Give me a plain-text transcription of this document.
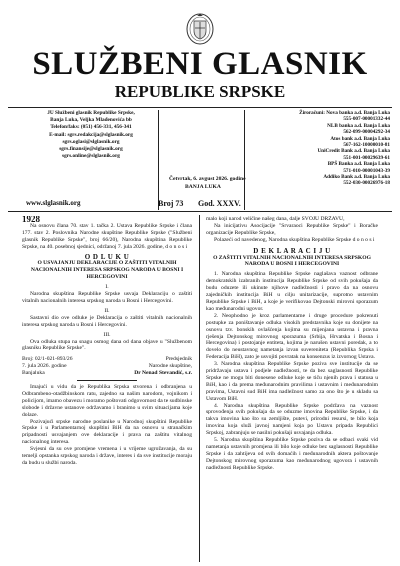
SLUŽBENI GLASNIK
REPUBLIKE SRPSKE
JU Službeni glasnik Republike Srpske,
Banja Luka, Veljka Mlađenovića bb
Telefon/faks: (051) 456-331, 456-341
E-mail: sgrs.redakcija@slglasnik.org
sgrs.oglasi@slglasnik.org
sgrs.finansije@slglasnik.org
sgrs.online@slglasnik.org
www.slglasnik.org
Četvrtak, 6. avgust 2026. godine
BANJA LUKA
Broj 73 God. XXXV.
Žiroračuni: Nova banka a.d. Banja Luka
555-007-00001332-44
NLB banka a.d. Banja Luka
562-099-00004292-34
Atos bank a.d. Banja Luka
567-162-10000010-81
UniCredit Bank a.d. Banja Luka
551-001-00029639-61
BPŠ Banka a.d. Banja Luka
571-010-00001043-39
Addiko Bank a.d. Banja Luka
552-030-00026976-18

1928

Na osnovu člana 70. stav 1. tačka 2. Ustava Republike Srpske i člana 177. stav 2. Poslovnika Narodne skupštine Republike Srpske ("Službeni glasnik Republike Srpske", broj 66/20), Narodna skupština Republike Srpske, na 40. posebnoj sjednici, održanoj 7. jula 2026. godine, d o n o s i

O D L U K U

O USVAJANJU DEKLARACIJE O ZAŠTITI VITALNIH NACIONALNIH INTERESA SRPSKOG NARODA U BOSNI I HERCEGOVINI

I.

Narodna skupština Republike Srpske usvaja Deklaraciju o zaštiti vitalnih nacionalnih interesa srpskog naroda u Bosni i Hercegovini.

II.

Sastavni dio ove odluke je Deklaracija o zaštiti vitalnih nacionalnih interesa srpskog naroda u Bosni i Hercegovini.

III.

Ova odluka stupa na snagu osmog dana od dana objave u "Službenom glasniku Republike Srpske".

Broj: 02/1-021-893/26	Predsjednik

7. jula 2026. godine	Narodne skupštine,

Banjaluka	Dr Nenad Stevandić, s.r.

Imajući u vidu da je Republika Srpska stvorena i odbranjena u Odbrambeno-otadžbinskom ratu, zajedno sa našim narodom, vojnikom i policijom, imamo obavezu i moramo poštovati odgovornost da te sudbinske slobode i državne ustanove održavamo i branimo u svim situacijama koje dolaze.

Pozivajući srpske narodne poslanike u Narodnoj skupštini Republike Srpske i u Parlamentarnoj skupštini BiH da na osnovu u stranačkim pripadnosti usvajanjem ove deklaracije i prava na zaštitu vitalnog nacionalnog interesa.

Svjesni da su ove promjene vremena i u vrijeme ugrožavanja, da su temelji opstanka srpskog naroda i države, interes i da sve institucije moraju da budu u službi naroda.

malo koji narod veličine našeg dana, dalje SVOJU DRŽAVU,

Na inicijativu Asocijacije "Srvaraoci Republike Srpske" i Boračke organizacije Republike Srpske,

Polazeći od navedenog, Narodna skupština Republike Srpske d o n o s i

D E K L A R A C I J U

O ZAŠTITI VITALNIH NACIONALNIH INTERESA SRPSKOG NARODA U BOSNI I HERCEGOVINI

1. Narodna skupština Republike Srpske naglašava vaznost odbrane demokratskih izabranih institucija Republike Srpske od svih pokušaja da budu oduzete ili ukinute njihove nadležnosti i pravo da na osnovu zajedničkih institucija BiH u cilju unitarizacije, suprotno ustavnim Republike Srpske i BiH, a koje je verifikovao Dejtonski mirovni sporazum kao međunarodni ugovor.

2. Neophodno je kroz parlamentarne i druge procedure pokrenuti postupke za poništavanje odluka visokih predstavnika koje su donijete na osnovu tzv. bonskih ovlašćenja kojima su mijenjana ustavna i pravna rješenja Dejtonskog mirovnog sporazuma (Srbija, Hrvatska i Bosna i Hercegovina) i postojanje entiteta, kojima je narušen ustavni poredak, a to dovelo do neustavnog nametanja izvan suvereniteta (Republika Srpska i Federacija BiH), zato je usvojiti povratak na konsenzus iz izvornog Ustava.

3. Narodna skupština Republike Srpske poziva sve institucije da se pridržavaju ustava i podjele nadležnosti, te da bez saglasnosti Republike Srpske ne mogu biti donesene odluke koje se tiču njenih prava i statusa u BiH, kao i da prema međunarodnim pravilima i ustavnim i međunarodnim pravima, Ustavni sud BiH ima nadležnost samo za ono što je u skladu sa Ustavom BiH.

4. Narodna skupština Republike Srpske podržava na vaznost sprovođenja svih pokušaja da se oduzme imovina Republike Srpske, i da takva imovina kao što su zemljište, putevi, prirodni resursi, te bilo koja imovina koja služi javnoj namjeni koja po Ustavu pripada Republici Srpskoj, zabranjuju se nasilni pokušaji usvajanja odluka.

5. Narodna skupština Republike Srpske poziva da se odbaci svaki vid nametanja ustavnih promjena ili bilo koje odluke bez saglasnosti Republike Srpske i da zahtijeva od svih domaćih i međunarodnih aktera poštovanje Dejtonskog mirovnog sporazuma kao međunarodnog ugovora i ustavnih nadležnosti Republike Srpske.
